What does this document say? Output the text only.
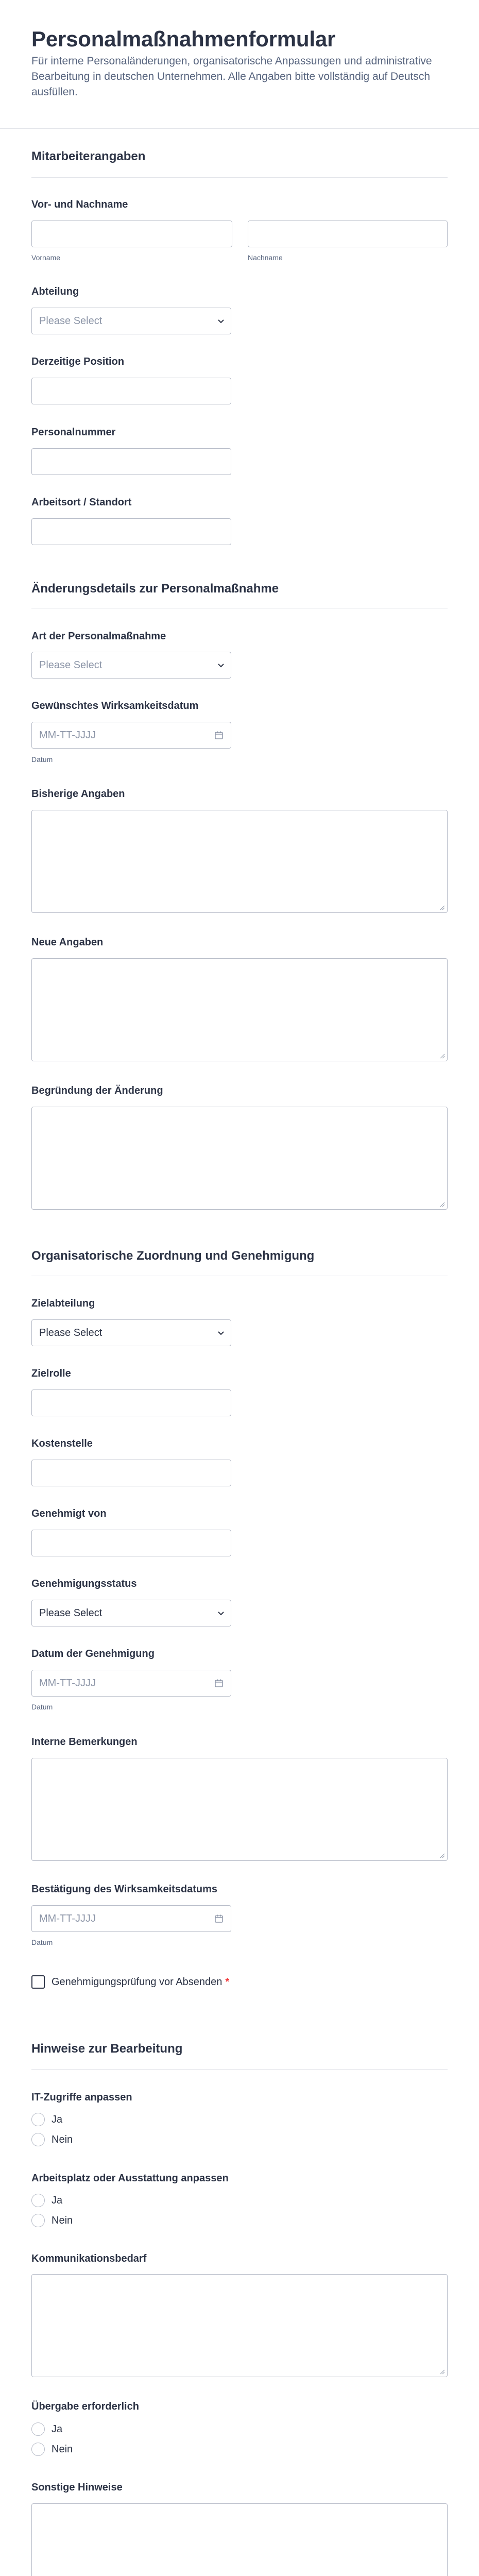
Personalmaßnahmenformular
Für interne Personaländerungen, organisatorische Anpassungen und administrative Bearbeitung in deutschen Unternehmen. Alle Angaben bitte vollständig auf Deutsch ausfüllen.
Mitarbeiterangaben
Vor- und Nachname
Vorname	Nachname
Abteilung
Please Select
Derzeitige Position
Personalnummer
Arbeitsort / Standort
Änderungsdetails zur Personalmaßnahme
Art der Personalmaßnahme
Please Select
Gewünschtes Wirksamkeitsdatum
MM-TT-JJJJ
Datum
Bisherige Angaben
Neue Angaben
Begründung der Änderung
Organisatorische Zuordnung und Genehmigung
Zielabteilung
Please Select
Zielrolle
Kostenstelle
Genehmigt von
Genehmigungsstatus
Please Select
Datum der Genehmigung
MM-TT-JJJJ
Datum
Interne Bemerkungen
Bestätigung des Wirksamkeitsdatums
MM-TT-JJJJ
Datum
Genehmigungsprüfung vor Absenden *
Hinweise zur Bearbeitung
IT-Zugriffe anpassen
Ja
Nein
Arbeitsplatz oder Ausstattung anpassen
Ja
Nein
Kommunikationsbedarf
Übergabe erforderlich
Ja
Nein
Sonstige Hinweise
